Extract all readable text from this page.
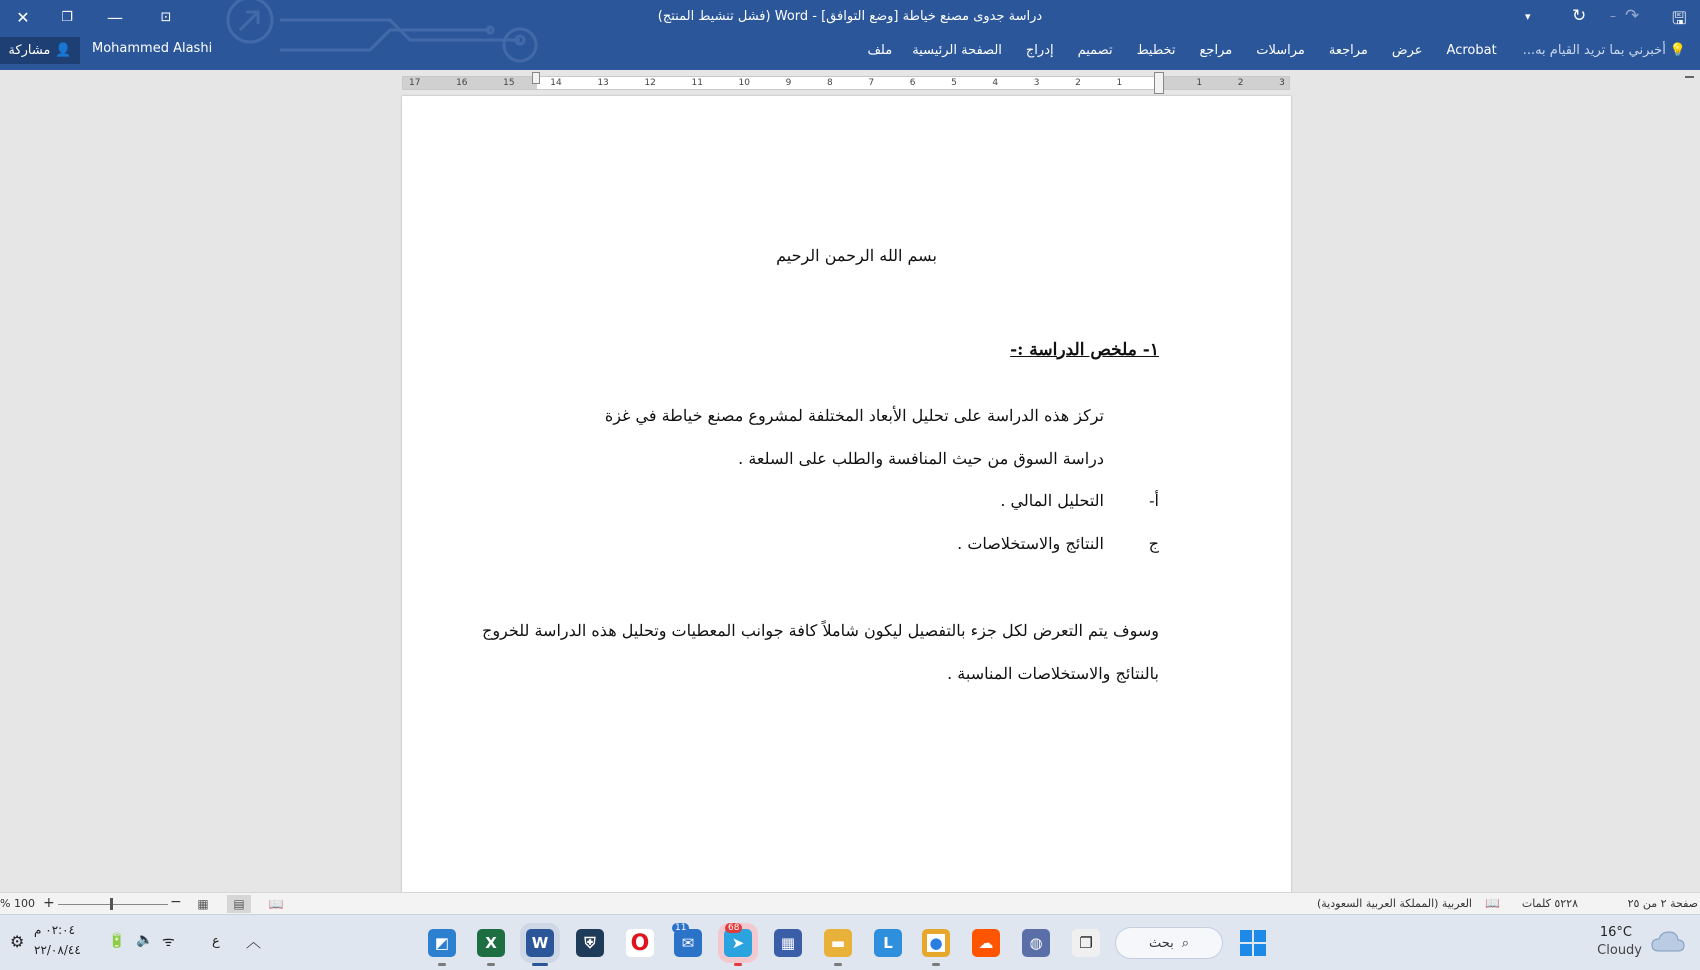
✕ ❐ —	⊡	دراسة جدوى مصنع خياطة [وضع التوافق] - Word (فشل تنشيط المنتج)	▾ ↻ – ↷ 🖫
مشاركة 👤 Mohammed Alashi	ملف	الصفحة الرئيسية	إدراج	تصميم	تخطيط	مراجع	مراسلات	مراجعة	عرض	Acrobat	💡
أخبرني بما تريد القيام به...
17	16	15	14	13	12	11	10	9	8	7	6	5	4	3	2	1	1	2	3
بسم الله الرحمن الرحيم
١- ملخص الدراسة :-
تركز هذه الدراسة على تحليل الأبعاد المختلفة لمشروع مصنع خياطة في غزة
دراسة السوق من حيث المنافسة والطلب على السلعة .
أ-
التحليل المالي .
ج
النتائج والاستخلاصات .
وسوف يتم التعرض لكل جزء بالتفصيل ليكون شاملاً كافة جوانب المعطيات وتحليل هذه الدراسة للخروج
بالنتائج والاستخلاصات المناسبة .
صفحة ٢ من ٢٥
٥٢٢٨ كلمات
📖
العربية (المملكة العربية السعودية)
100 % +	− ▦ ▤ 📖
16°C
Cloudy
⌕
بحث
◩	X	W	⛨	O	✉
11
➤
68
▦	▬	L	●	☁	◍	❐
⚙
٠٢:٠٤ م
٢٢/٠٨/٤٤
🔋 🔈 ᯤ	ع ︿
